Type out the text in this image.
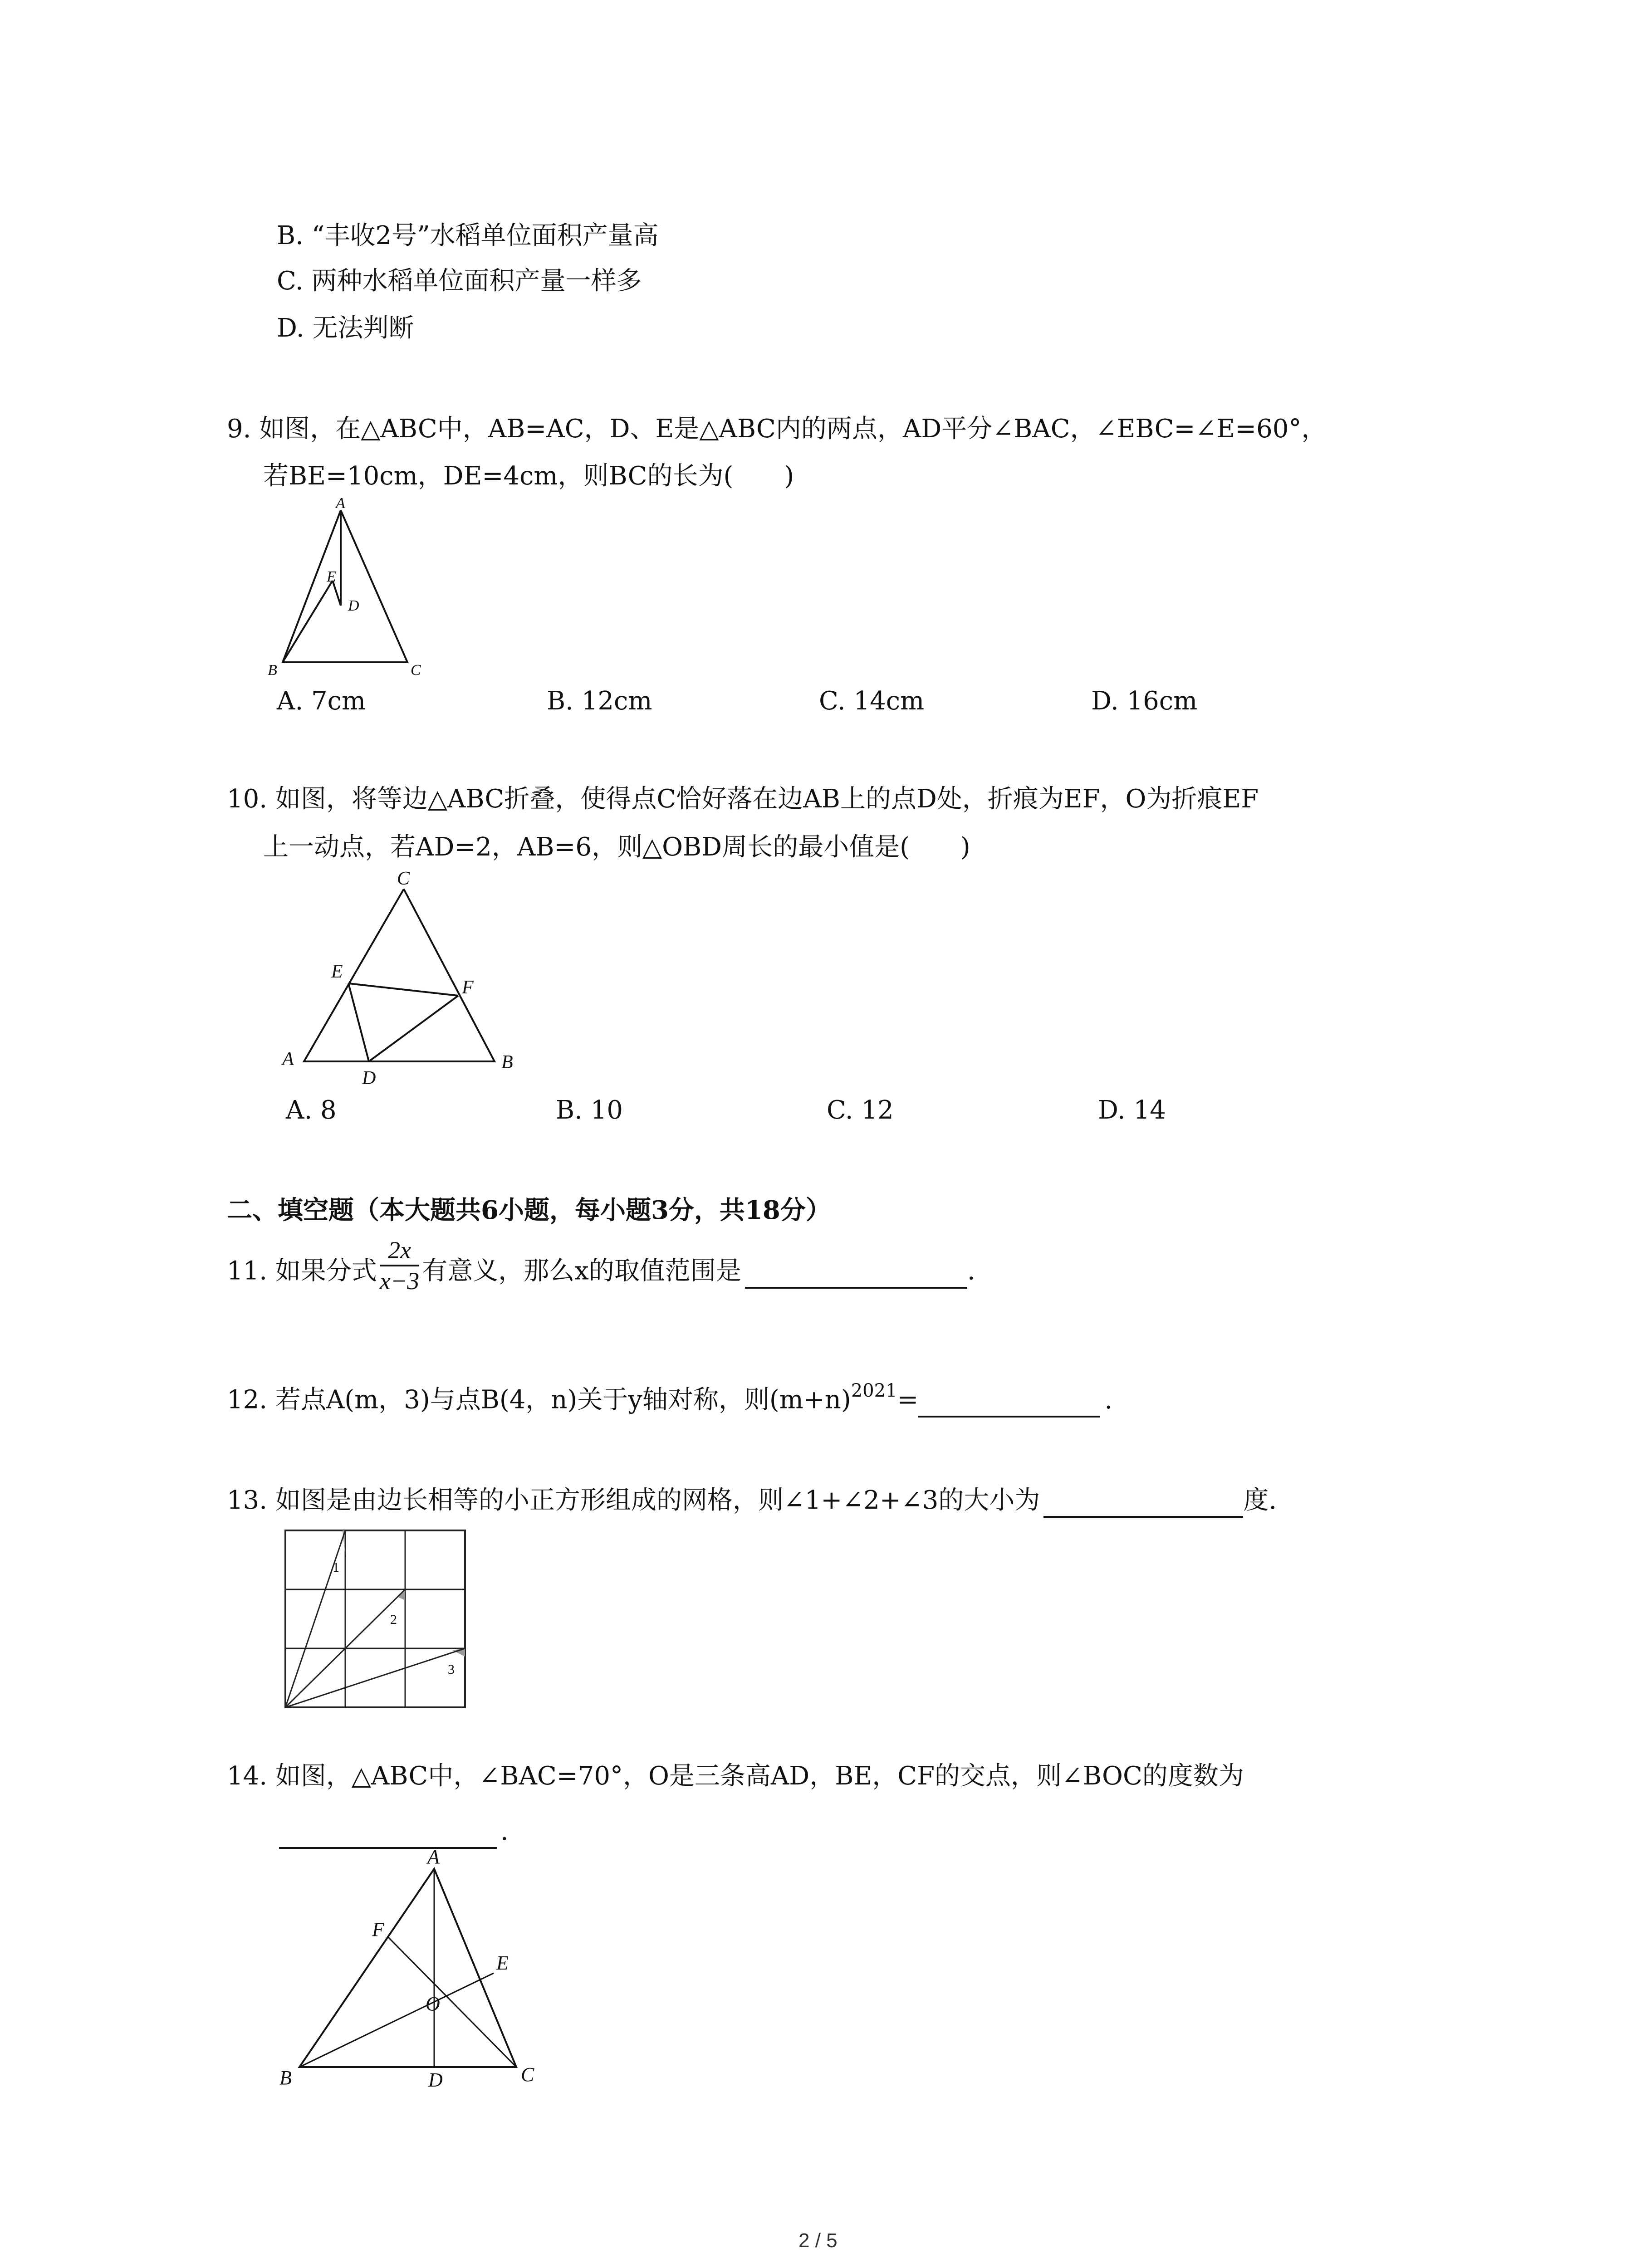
B. “丰收2号”水稻单位面积产量高
C. 两种水稻单位面积产量一样多
D. 无法判断
9. 如图，在△ABC中，AB=AC，D、E是△ABC内的两点，AD平分∠BAC，∠EBC=∠E=60°，
若BE=10cm，DE=4cm，则BC的长为(　　)
A
E
D
B	C
A. 7cm	B. 12cm	C. 14cm	D. 16cm
10. 如图，将等边△ABC折叠，使得点C恰好落在边AB上的点D处，折痕为EF，O为折痕EF
上一动点，若AD=2，AB=6，则△OBD周长的最小值是(　　)
C
E
F
A
D
B
A. 8	B. 10	C. 12	D. 14
二、填空题（本大题共6小题，每小题3分，共18分）
11. 如果分式 $\frac{2x}{x-3}$ 有意义，那么x的取值范围是	.
12. 若点A(m，3)与点B(4，n)关于y轴对称，则$(m+n)^{2021}=$	.
13. 如图是由边长相等的小正方形组成的网格，则∠1+∠2+∠3的大小为	度.
1
2
3
14. 如图，△ABC中，∠BAC=70°，O是三条高AD，BE，CF的交点，则∠BOC的度数为
.
A
F
E
O
B	D	C
2 / 5
